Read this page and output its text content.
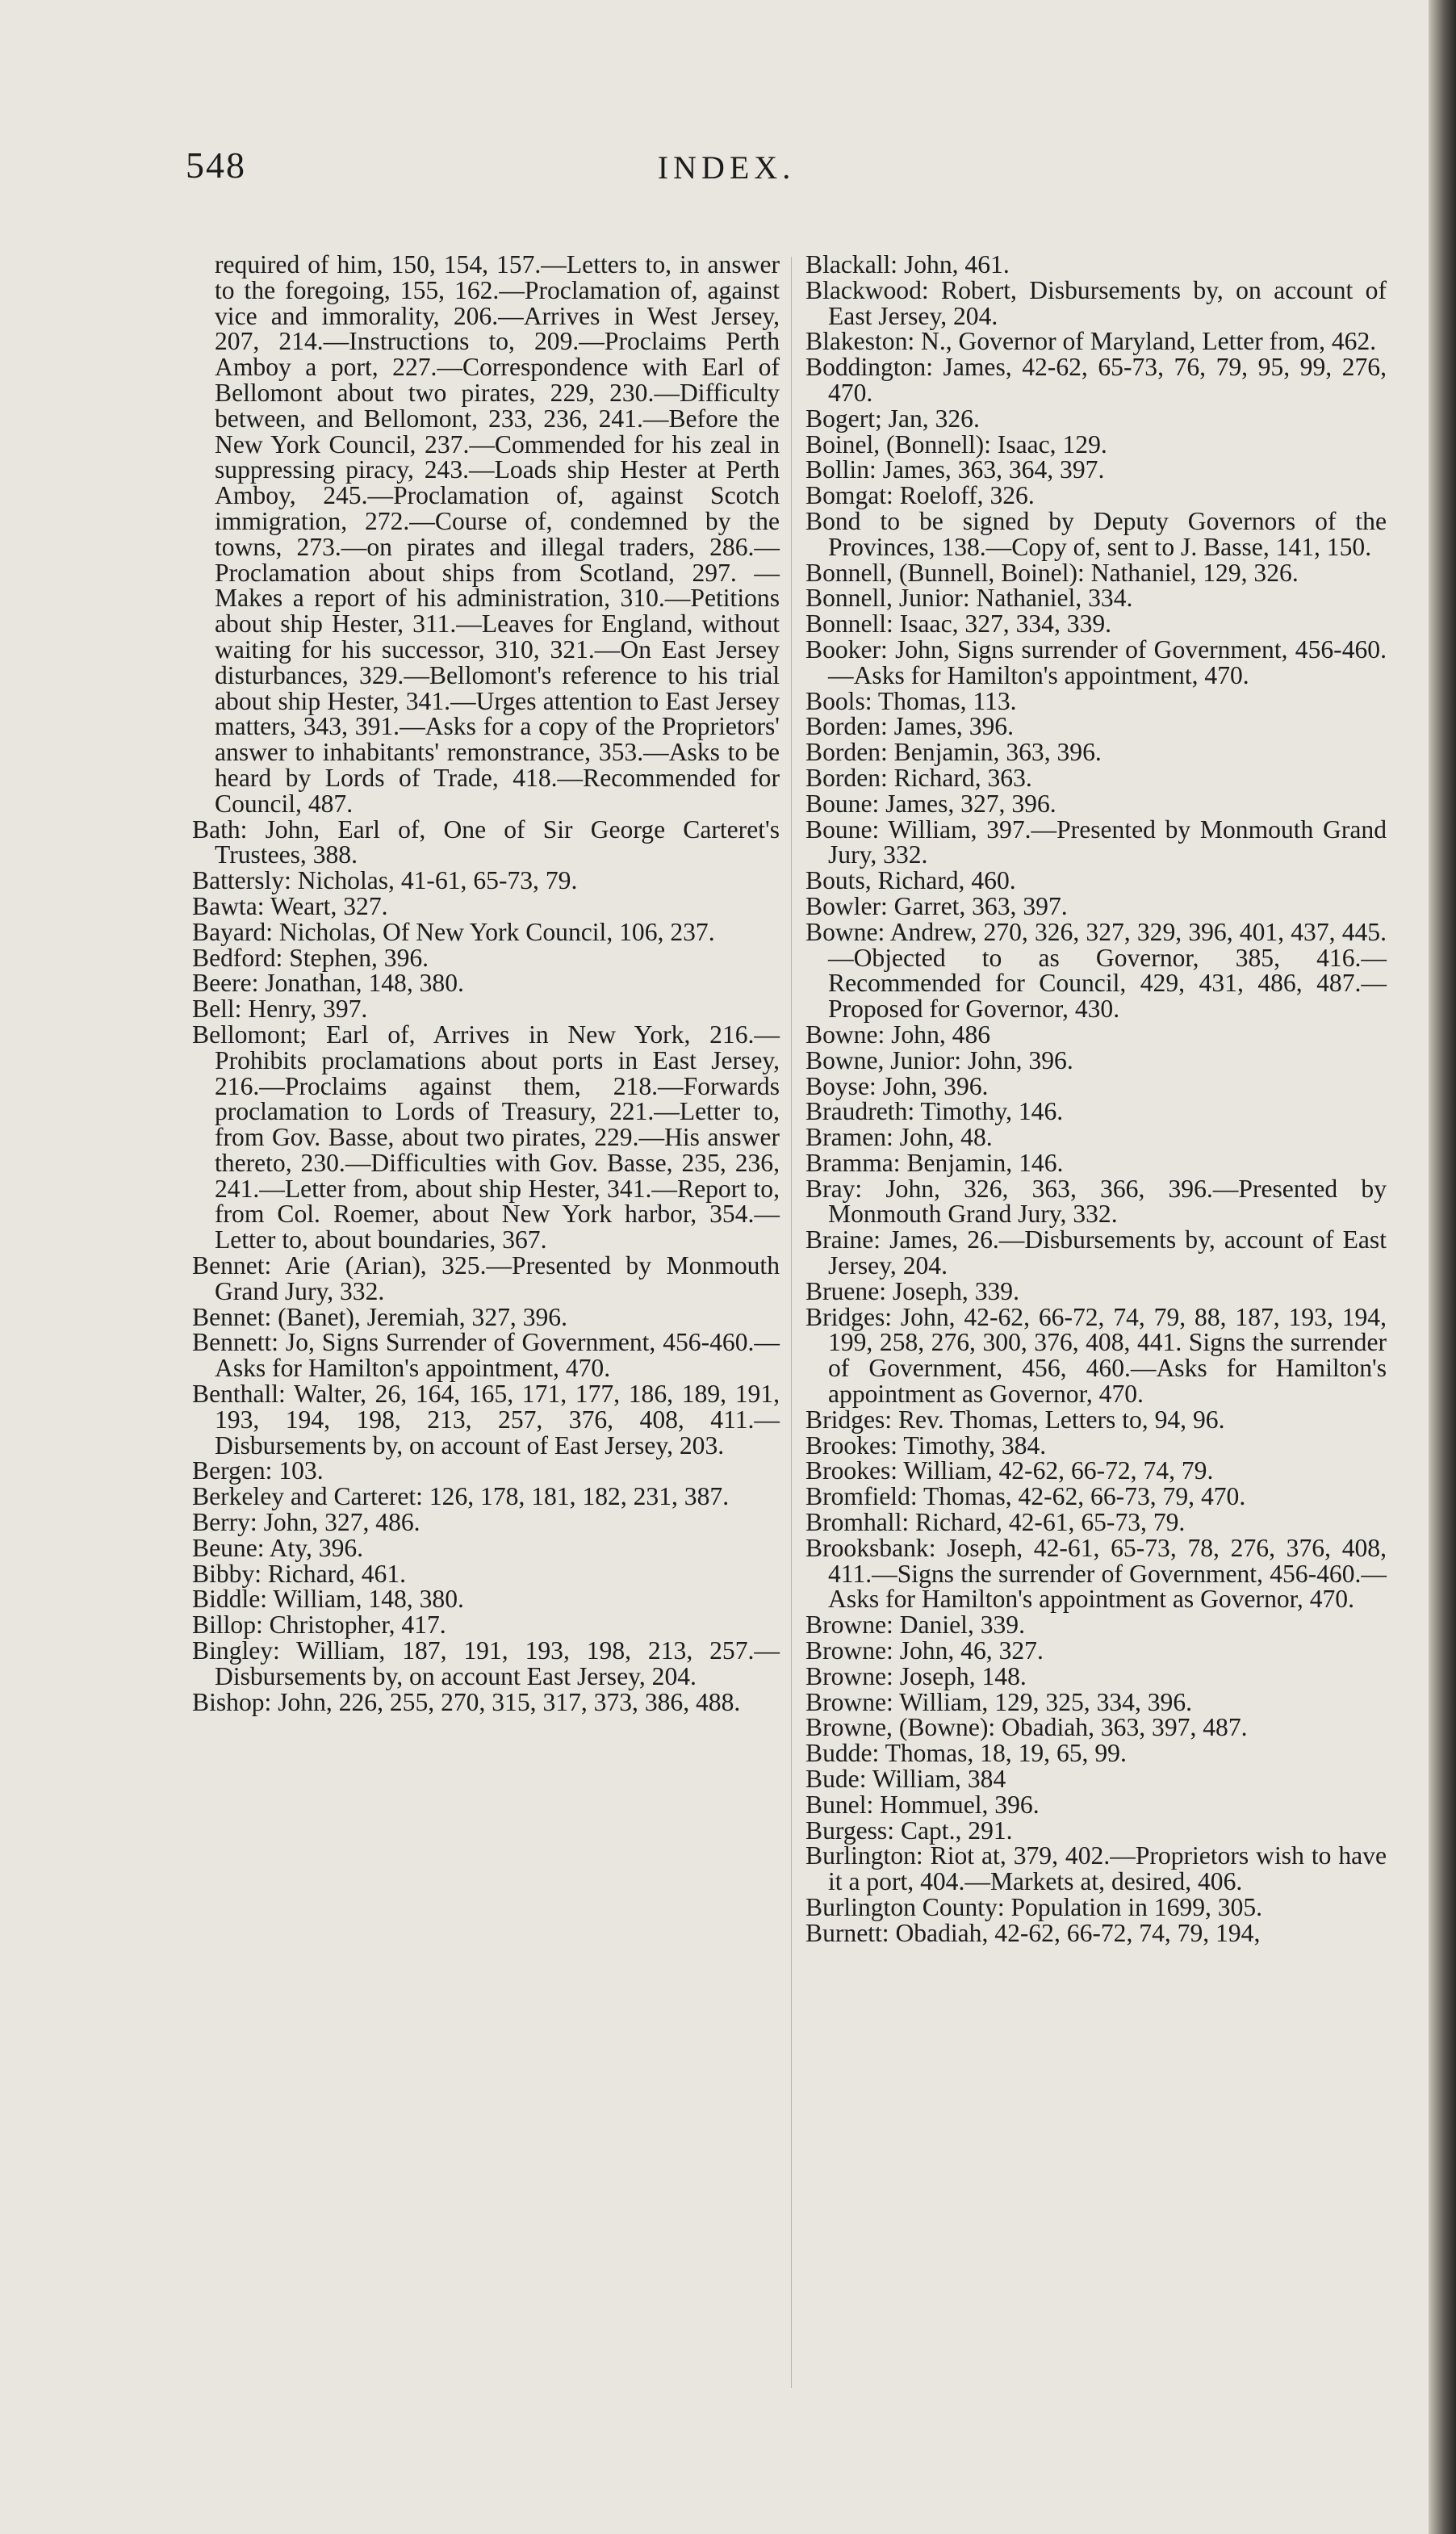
548	INDEX.

required of him, 150, 154, 157.—Letters to, in answer to the foregoing, 155, 162.—Proclamation of, against vice and immorality, 206.—Arrives in West Jersey, 207, 214.—Instructions to, 209.—Proclaims Perth Amboy a port, 227.—Correspondence with Earl of Bellomont about two pirates, 229, 230.—Difficulty between, and Bellomont, 233, 236, 241.—Before the New York Council, 237.—Commended for his zeal in suppressing piracy, 243.—Loads ship Hester at Perth Amboy, 245.—Proclamation of, against Scotch immigration, 272.—Course of, condemned by the towns, 273.—on pirates and illegal traders, 286.—Proclamation about ships from Scotland, 297. —Makes a report of his administration, 310.—Petitions about ship Hester, 311.—Leaves for England, without waiting for his successor, 310, 321.—On East Jersey disturbances, 329.—Bellomont's reference to his trial about ship Hester, 341.—Urges attention to East Jersey matters, 343, 391.—Asks for a copy of the Proprietors' answer to inhabitants' remonstrance, 353.—Asks to be heard by Lords of Trade, 418.—Recommended for Council, 487.

Bath: John, Earl of, One of Sir George Carteret's Trustees, 388.

Battersly: Nicholas, 41-61, 65-73, 79.

Bawta: Weart, 327.

Bayard: Nicholas, Of New York Council, 106, 237.

Bedford: Stephen, 396.

Beere: Jonathan, 148, 380.

Bell: Henry, 397.

Bellomont; Earl of, Arrives in New York, 216.—Prohibits proclamations about ports in East Jersey, 216.—Proclaims against them, 218.—Forwards proclamation to Lords of Treasury, 221.—Letter to, from Gov. Basse, about two pirates, 229.—His answer thereto, 230.—Difficulties with Gov. Basse, 235, 236, 241.—Letter from, about ship Hester, 341.—Report to, from Col. Roemer, about New York harbor, 354.—Letter to, about boundaries, 367.

Bennet: Arie (Arian), 325.—Presented by Monmouth Grand Jury, 332.

Bennet: (Banet), Jeremiah, 327, 396.

Bennett: Jo, Signs Surrender of Government, 456-460.—Asks for Hamilton's appointment, 470.

Benthall: Walter, 26, 164, 165, 171, 177, 186, 189, 191, 193, 194, 198, 213, 257, 376, 408, 411.—Disbursements by, on account of East Jersey, 203.

Bergen: 103.

Berkeley and Carteret: 126, 178, 181, 182, 231, 387.

Berry: John, 327, 486.

Beune: Aty, 396.

Bibby: Richard, 461.

Biddle: William, 148, 380.

Billop: Christopher, 417.

Bingley: William, 187, 191, 193, 198, 213, 257.—Disbursements by, on account East Jersey, 204.

Bishop: John, 226, 255, 270, 315, 317, 373, 386, 488.

Blackall: John, 461.

Blackwood: Robert, Disbursements by, on account of East Jersey, 204.

Blakeston: N., Governor of Maryland, Letter from, 462.

Boddington: James, 42-62, 65-73, 76, 79, 95, 99, 276, 470.

Bogert; Jan, 326.

Boinel, (Bonnell): Isaac, 129.

Bollin: James, 363, 364, 397.

Bomgat: Roeloff, 326.

Bond to be signed by Deputy Governors of the Provinces, 138.—Copy of, sent to J. Basse, 141, 150.

Bonnell, (Bunnell, Boinel): Nathaniel, 129, 326.

Bonnell, Junior: Nathaniel, 334.

Bonnell: Isaac, 327, 334, 339.

Booker: John, Signs surrender of Government, 456-460.—Asks for Hamilton's appointment, 470.

Bools: Thomas, 113.

Borden: James, 396.

Borden: Benjamin, 363, 396.

Borden: Richard, 363.

Boune: James, 327, 396.

Boune: William, 397.—Presented by Monmouth Grand Jury, 332.

Bouts, Richard, 460.

Bowler: Garret, 363, 397.

Bowne: Andrew, 270, 326, 327, 329, 396, 401, 437, 445.—Objected to as Governor, 385, 416.—Recommended for Council, 429, 431, 486, 487.—Proposed for Governor, 430.

Bowne: John, 486

Bowne, Junior: John, 396.

Boyse: John, 396.

Braudreth: Timothy, 146.

Bramen: John, 48.

Bramma: Benjamin, 146.

Bray: John, 326, 363, 366, 396.—Presented by Monmouth Grand Jury, 332.

Braine: James, 26.—Disbursements by, account of East Jersey, 204.

Bruene: Joseph, 339.

Bridges: John, 42-62, 66-72, 74, 79, 88, 187, 193, 194, 199, 258, 276, 300, 376, 408, 441. Signs the surrender of Government, 456, 460.—Asks for Hamilton's appointment as Governor, 470.

Bridges: Rev. Thomas, Letters to, 94, 96.

Brookes: Timothy, 384.

Brookes: William, 42-62, 66-72, 74, 79.

Bromfield: Thomas, 42-62, 66-73, 79, 470.

Bromhall: Richard, 42-61, 65-73, 79.

Brooksbank: Joseph, 42-61, 65-73, 78, 276, 376, 408, 411.—Signs the surrender of Government, 456-460.—Asks for Hamilton's appointment as Governor, 470.

Browne: Daniel, 339.

Browne: John, 46, 327.

Browne: Joseph, 148.

Browne: William, 129, 325, 334, 396.

Browne, (Bowne): Obadiah, 363, 397, 487.

Budde: Thomas, 18, 19, 65, 99.

Bude: William, 384

Bunel: Hommuel, 396.

Burgess: Capt., 291.

Burlington: Riot at, 379, 402.—Proprietors wish to have it a port, 404.—Markets at, desired, 406.

Burlington County: Population in 1699, 305.

Burnett: Obadiah, 42-62, 66-72, 74, 79, 194,
